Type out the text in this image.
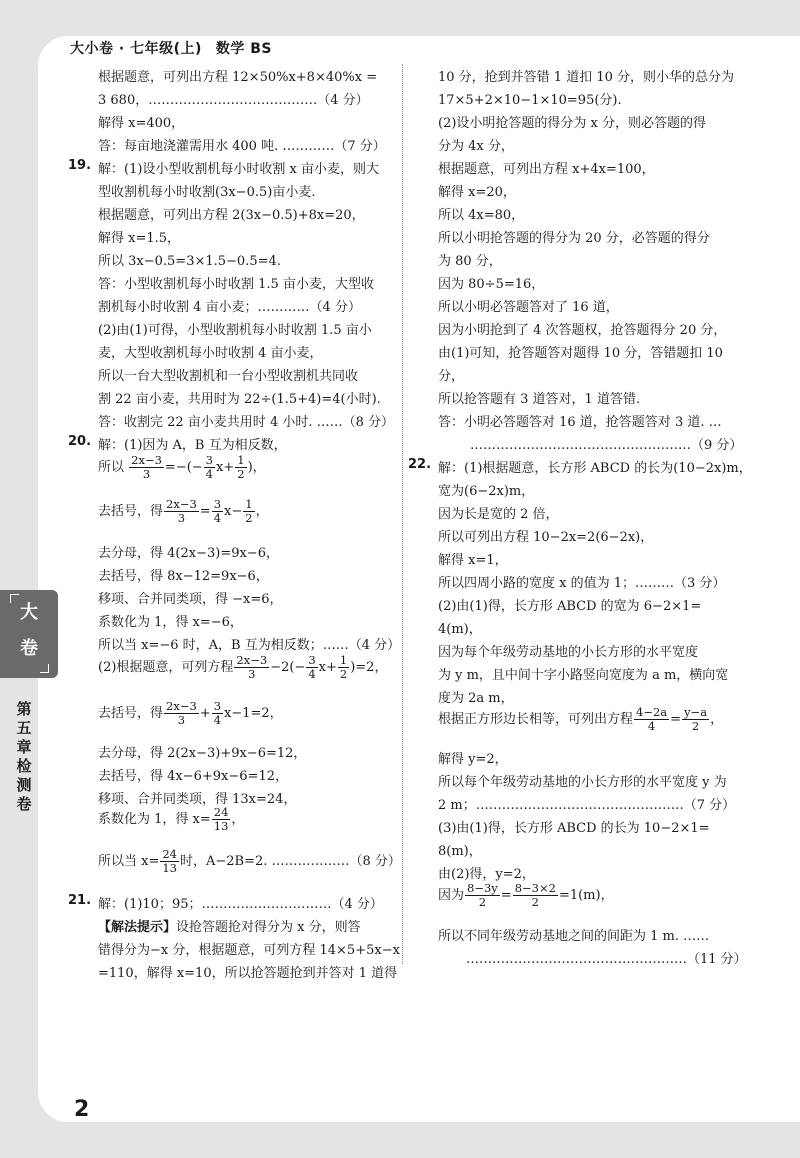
大小卷 · 七年级(上) 数学 BS
大
卷
第五章检测卷
根据题意，可列出方程 12×50%x+8×40%x =
3 680，…………………………………（4 分）
解得 x=400，
答：每亩地浇灌需用水 400 吨. …………（7 分）
19. 解：(1)设小型收割机每小时收割 x 亩小麦，则大
型收割机每小时收割(3x−0.5)亩小麦.
根据题意，可列出方程 2(3x−0.5)+8x=20，
解得 x=1.5，
所以 3x−0.5=3×1.5−0.5=4.
答：小型收割机每小时收割 1.5 亩小麦，大型收
割机每小时收割 4 亩小麦；…………（4 分）
(2)由(1)可得，小型收割机每小时收割 1.5 亩小
麦，大型收割机每小时收割 4 亩小麦，
所以一台大型收割机和一台小型收割机共同收
割 22 亩小麦，共用时为 22÷(1.5+4)=4(小时).
答：收割完 22 亩小麦共用时 4 小时. ……（8 分）
20. 解：(1)因为 A，B 互为相反数，
所以 $\frac{2x-3}{3}$ =−(− $\frac{3}{4} x+ \frac{1}{2}$ )，
去括号，得 $\frac{2x-3}{3} = \frac{3}{4} x- \frac{1}{2}$ ，
去分母，得 4(2x−3)=9x−6，
去括号，得 8x−12=9x−6，
移项、合并同类项，得 −x=6，
系数化为 1，得 x=−6，
所以当 x=−6 时，A，B 互为相反数；……（4 分）
(2)根据题意，可列方程 $\frac{2x-3}{3} -2(- \frac{3}{4} x+ \frac{1}{2} )=2$，
去括号，得 $\frac{2x-3}{3} + \frac{3}{4} x-1=2$，
去分母，得 2(2x−3)+9x−6=12，
去括号，得 4x−6+9x−6=12，
移项、合并同类项，得 13x=24，
系数化为 1，得 $x= \frac{24}{13}$ ，
所以当 $x= \frac{24}{13}$ 时，A−2B=2. ………………（8 分）
21. 解：(1)10；95；…………………………（4 分）
【解法提示】设抢答题抢对得分为 x 分，则答
错得分为−x 分，根据题意，可列方程 14×5+5x−x
=110，解得 x=10，所以抢答题抢到并答对 1 道得
10 分，抢到并答错 1 道扣 10 分，则小华的总分为
17×5+2×10−1×10=95(分).
(2)设小明抢答题的得分为 x 分，则必答题的得
分为 4x 分，
根据题意，可列出方程 x+4x=100，
解得 x=20，
所以 4x=80，
所以小明抢答题的得分为 20 分，必答题的得分
为 80 分，
因为 80÷5=16，
所以小明必答题答对了 16 道，
因为小明抢到了 4 次答题权，抢答题得分 20 分，
由(1)可知，抢答题答对题得 10 分，答错题扣 10
分，
所以抢答题有 3 道答对，1 道答错.
答：小明必答题答对 16 道，抢答题答对 3 道. …
……………………………………………（9 分）
22. 解：(1)根据题意，长方形 ABCD 的长为(10−2x)m，
宽为(6−2x)m，
因为长是宽的 2 倍，
所以可列出方程 10−2x=2(6−2x)，
解得 x=1，
所以四周小路的宽度 x 的值为 1；………（3 分）
(2)由(1)得，长方形 ABCD 的宽为 6−2×1=
4(m)，
因为每个年级劳动基地的小长方形的水平宽度
为 y m，且中间十字小路竖向宽度为 a m，横向宽
度为 2a m，
根据正方形边长相等，可列出方程 $\frac{4-2a}{4} = \frac{y-a}{2}$ ，
解得 y=2，
所以每个年级劳动基地的小长方形的水平宽度 y 为
2 m；…………………………………………（7 分）
(3)由(1)得，长方形 ABCD 的长为 10−2×1=
8(m)，
由(2)得，y=2，
因为 $\frac{8-3y}{2} = \frac{8-3\times 2}{2} =1(m)$，
所以不同年级劳动基地之间的间距为 1 m. ……
……………………………………………（11 分）
2
